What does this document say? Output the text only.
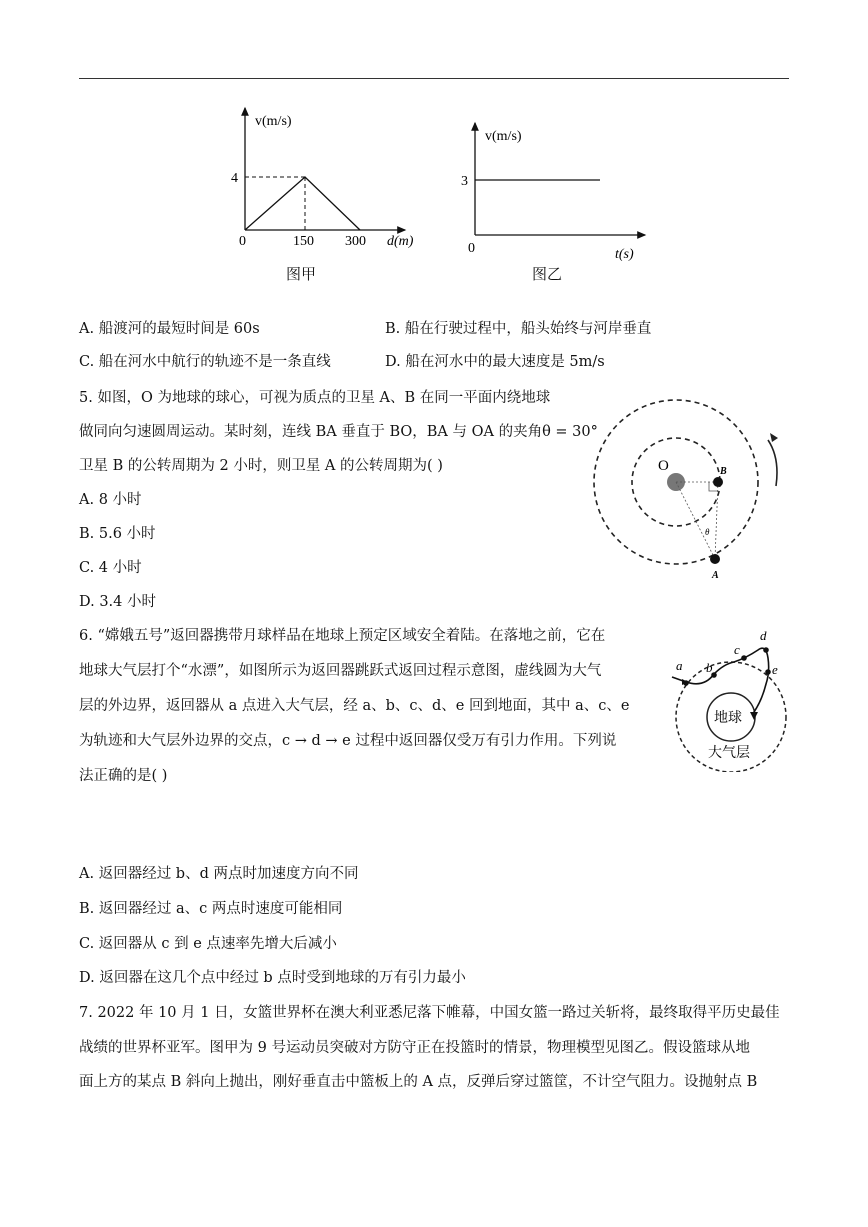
v(m/s)
4
0	150 300 d(m)
图甲
v(m/s)
3
0	t(s)
图乙
A. 船渡河的最短时间是 60s	B. 船在行驶过程中，船头始终与河岸垂直
C. 船在河水中航行的轨迹不是一条直线	D. 船在河水中的最大速度是 5m/s
5. 如图，O 为地球的球心，可视为质点的卫星 A、B 在同一平面内绕地球
做同向匀速圆周运动。某时刻，连线 BA 垂直于 BO，BA 与 OA 的夹角θ = 30°
卫星 B 的公转周期为 2 小时，则卫星 A 的公转周期为( )
A. 8 小时
B. 5.6 小时
C. 4 小时
D. 3.4 小时
O	B
A
θ
6. “嫦娥五号”返回器携带月球样品在地球上预定区域安全着陆。在落地之前，它在
地球大气层打个“水漂”，如图所示为返回器跳跃式返回过程示意图，虚线圆为大气
层的外边界，返回器从 a 点进入大气层，经 a、b、c、d、e 回到地面，其中 a、c、e
为轨迹和大气层外边界的交点，c → d → e 过程中返回器仅受万有引力作用。下列说
法正确的是( )
a b
c
d
e
地球
大气层
A. 返回器经过 b、d 两点时加速度方向不同
B. 返回器经过 a、c 两点时速度可能相同
C. 返回器从 c 到 e 点速率先增大后减小
D. 返回器在这几个点中经过 b 点时受到地球的万有引力最小
7. 2022 年 10 月 1 日，女篮世界杯在澳大利亚悉尼落下帷幕，中国女篮一路过关斩将，最终取得平历史最佳
战绩的世界杯亚军。图甲为 9 号运动员突破对方防守正在投篮时的情景，物理模型见图乙。假设篮球从地
面上方的某点 B 斜向上抛出，刚好垂直击中篮板上的 A 点，反弹后穿过篮筐，不计空气阻力。设抛射点 B
